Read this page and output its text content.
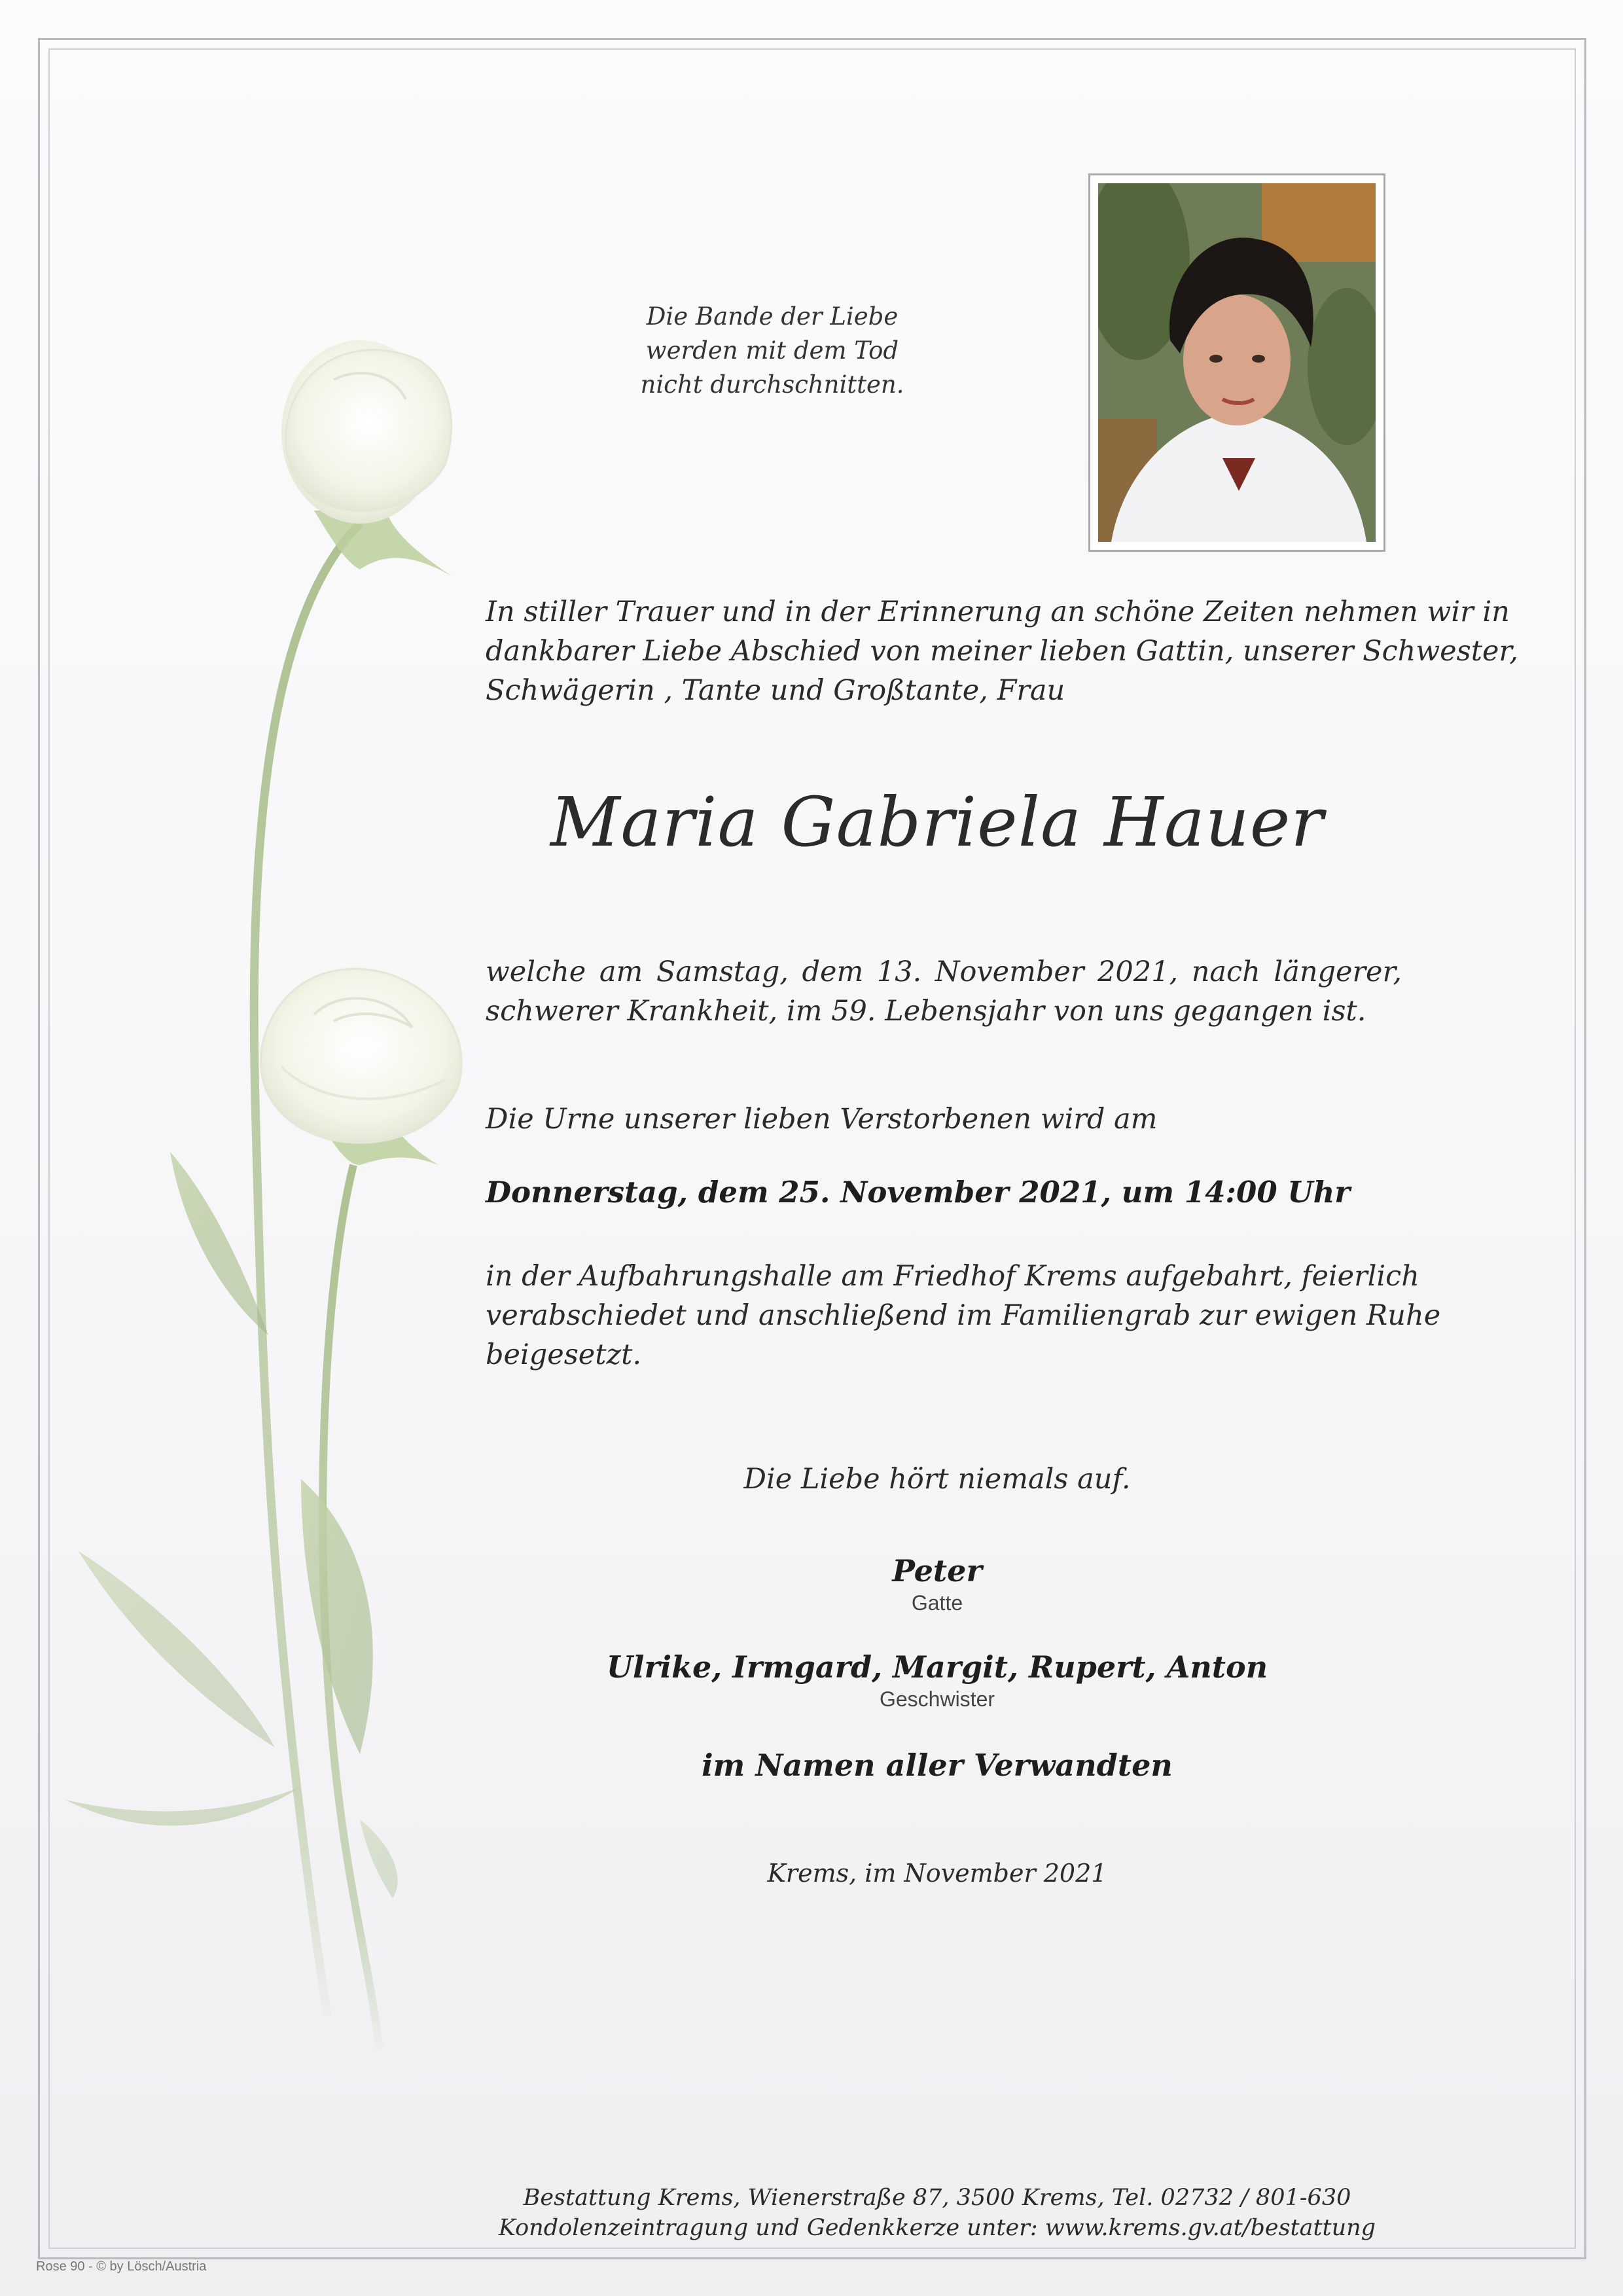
Die Bande der Liebe
werden mit dem Tod
nicht durchschnitten.
In stiller Trauer und in der Erinnerung an schöne Zeiten nehmen wir in
dankbarer Liebe Abschied von meiner lieben Gattin, unserer Schwester,
Schwägerin , Tante und Großtante, Frau
Maria Gabriela Hauer
welche am Samstag, dem 13. November 2021, nach längerer,
schwerer Krankheit, im 59. Lebensjahr von uns gegangen ist.
Die Urne unserer lieben Verstorbenen wird am
Donnerstag, dem 25. November 2021, um 14:00 Uhr
in der Aufbahrungshalle am Friedhof Krems aufgebahrt, feierlich
verabschiedet und anschließend im Familiengrab zur ewigen Ruhe
beigesetzt.
Die Liebe hört niemals auf.
Peter
Gatte
Ulrike, Irmgard, Margit, Rupert, Anton
Geschwister
im Namen aller Verwandten
Krems, im November 2021
Bestattung Krems, Wienerstraße 87, 3500 Krems, Tel. 02732 / 801-630
Kondolenzeintragung und Gedenkkerze unter: www.krems.gv.at/bestattung
Rose 90 - © by Lösch/Austria
